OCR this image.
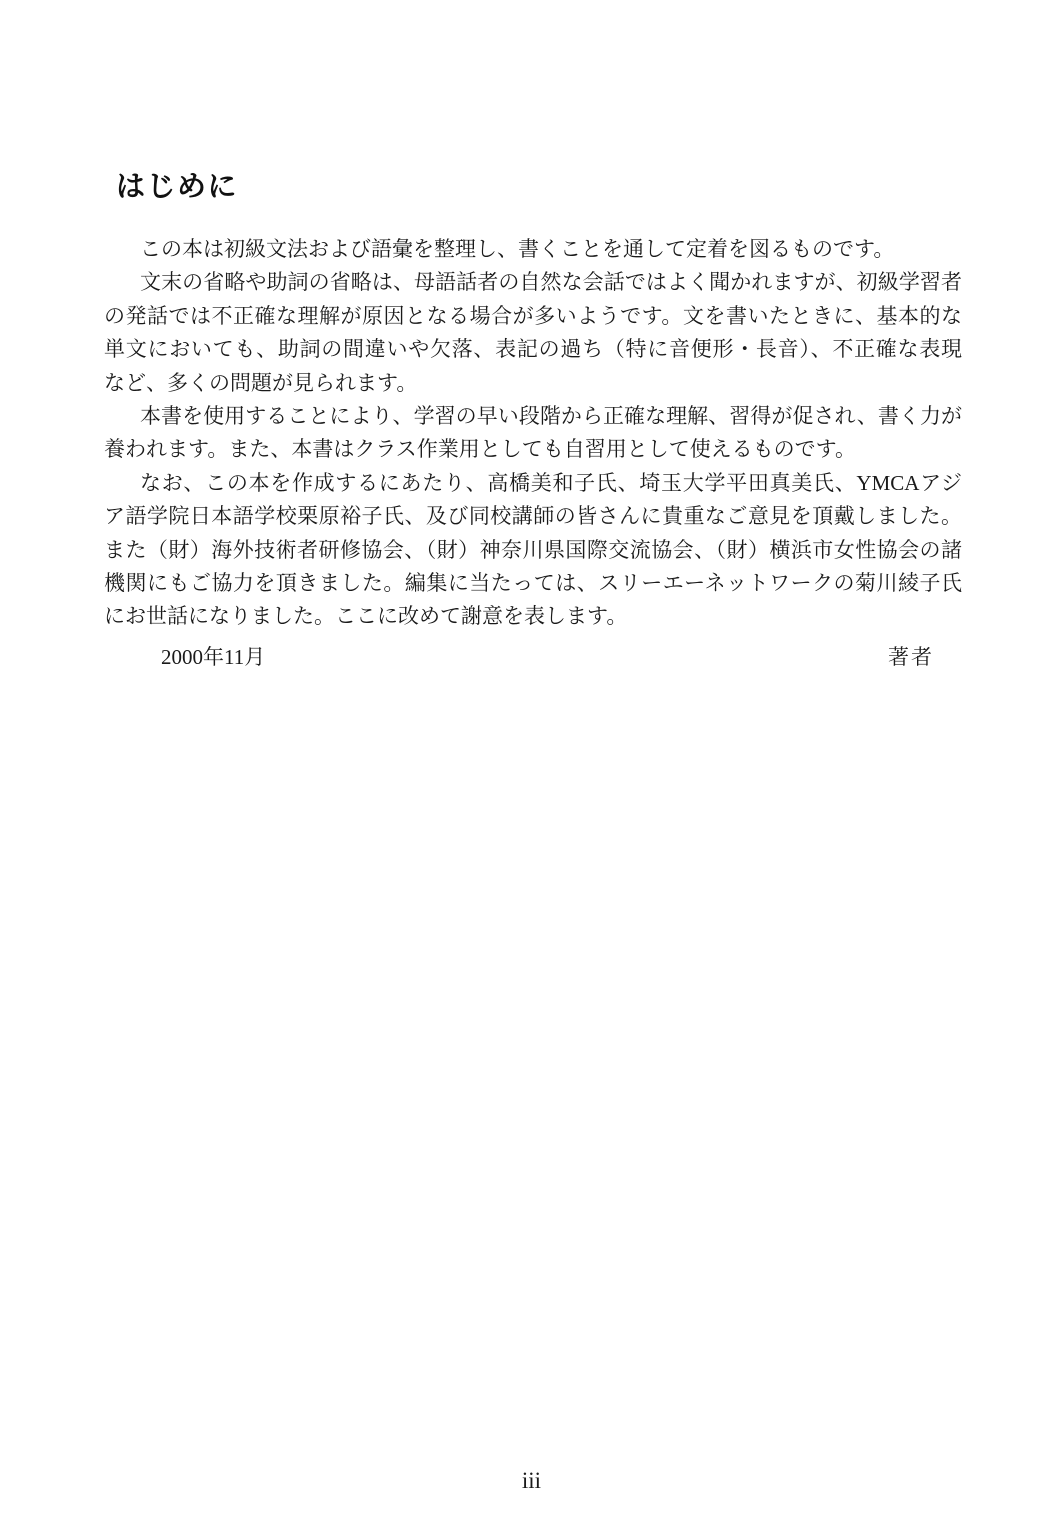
はじめに
この本は初級文法および語彙を整理し、書くことを通して定着を図るものです。
文末の省略や助詞の省略は、母語話者の自然な会話ではよく聞かれますが、初級学習者
の発話では不正確な理解が原因となる場合が多いようです。文を書いたときに、基本的な
単文においても、助詞の間違いや欠落、表記の過ち（特に音便形・長音）、不正確な表現
など、多くの問題が見られます。
本書を使用することにより、学習の早い段階から正確な理解、習得が促され、書く力が
養われます。また、本書はクラス作業用としても自習用として使えるものです。
なお、この本を作成するにあたり、高橋美和子氏、埼玉大学平田真美氏、YMCAアジ
ア語学院日本語学校栗原裕子氏、及び同校講師の皆さんに貴重なご意見を頂戴しました。
また（財）海外技術者研修協会、（財）神奈川県国際交流協会、（財）横浜市女性協会の諸
機関にもご協力を頂きました。編集に当たっては、スリーエーネットワークの菊川綾子氏
にお世話になりました。ここに改めて謝意を表します。
著者
2000年11月
iii
